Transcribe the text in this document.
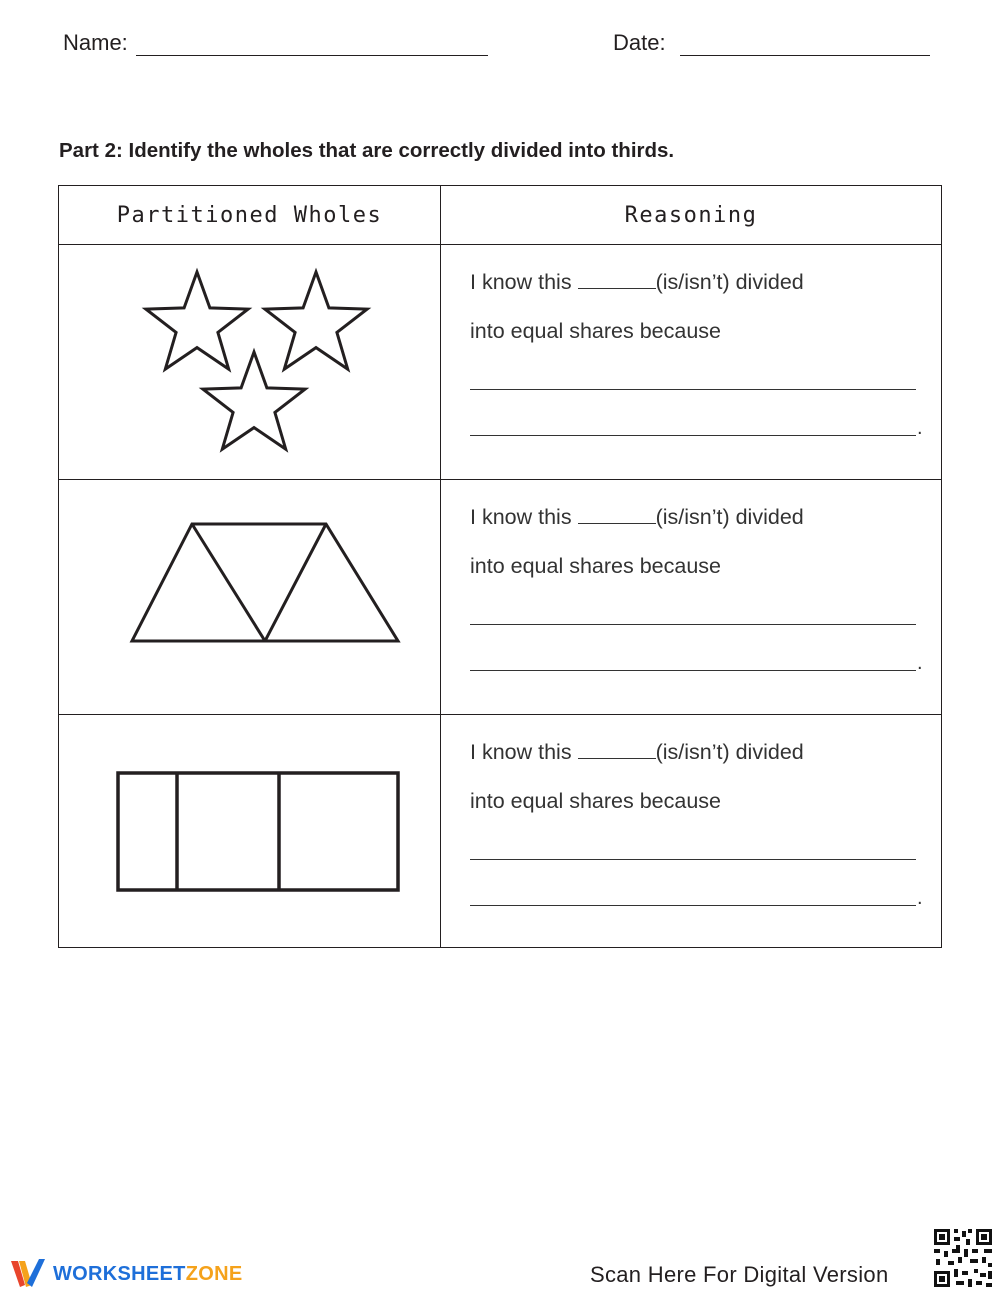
Name:	Date:
Part 2: Identify the wholes that are correctly divided into thirds.
Partitioned Wholes	Reasoning

I know this (is/isn’t) divided
into equal shares because
.

I know this (is/isn’t) divided
into equal shares because
.

I know this (is/isn’t) divided
into equal shares because
.
WORKSHEETZONE	Scan Here For Digital Version
